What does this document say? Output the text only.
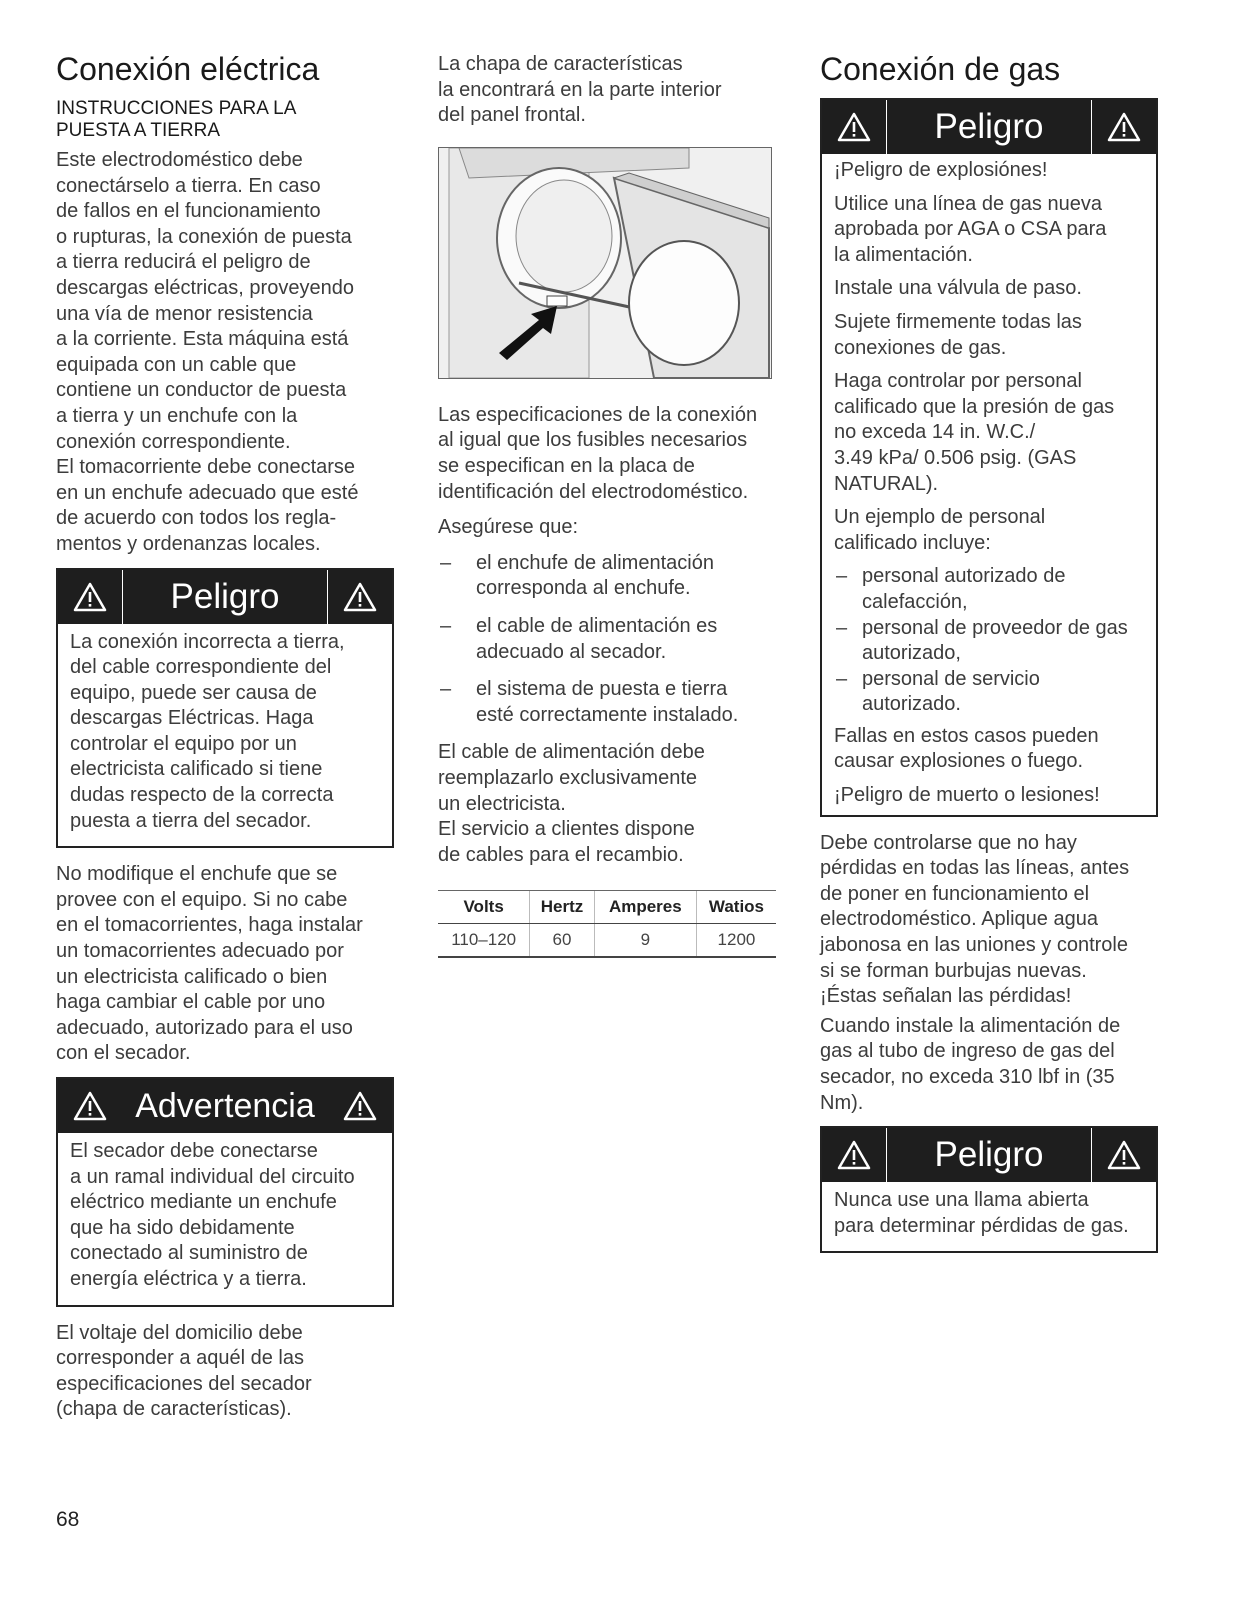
Conexión eléctrica
INSTRUCCIONES PARA LA
PUESTA A TIERRA

Este electrodoméstico debe
conectárselo a tierra. En caso
de fallos en el funcionamiento
o rupturas, la conexión de puesta
a tierra reducirá el peligro de
descargas eléctricas, proveyendo
una vía de menor resistencia
a la corriente. Esta máquina está
equipada con un cable que
contiene un conductor de puesta
a tierra y un enchufe con la
conexión correspondiente.
El tomacorriente debe conectarse
en un enchufe adecuado que esté
de acuerdo con todos los regla-
mentos y ordenanzas locales.

Peligro

La conexión incorrecta a tierra,
del cable correspondiente del
equipo, puede ser causa de
descargas Eléctricas. Haga
controlar el equipo por un
electricista calificado si tiene
dudas respecto de la correcta
puesta a tierra del secador.

No modifique el enchufe que se
provee con el equipo. Si no cabe
en el tomacorrientes, haga instalar
un tomacorrientes adecuado por
un electricista calificado o bien
haga cambiar el cable por uno
adecuado, autorizado para el uso
con el secador.

Advertencia

El secador debe conectarse
a un ramal individual del circuito
eléctrico mediante un enchufe
que ha sido debidamente
conectado al suministro de
energía eléctrica y a tierra.

El voltaje del domicilio debe
corresponder a aquél de las
especificaciones del secador
(chapa de características).

La chapa de características
la encontrará en la parte interior
del panel frontal.

Las especificaciones de la conexión
al igual que los fusibles necesarios
se especifican en la placa de
identificación del electrodoméstico.

Asegúrese que:

– el enchufe de alimentación
corresponda al enchufe.
– el cable de alimentación es
adecuado al secador.
– el sistema de puesta e tierra
esté correctamente instalado.

El cable de alimentación debe
reemplazarlo exclusivamente
un electricista.
El servicio a clientes dispone
de cables para el recambio.

Volts	Hertz	Amperes	Watios
110–120	60	9	1200
Conexión de gas
Peligro

¡Peligro de explosiónes!

Utilice una línea de gas nueva
aprobada por AGA o CSA para
la alimentación.

Instale una válvula de paso.

Sujete firmemente todas las
conexiones de gas.

Haga controlar por personal
calificado que la presión de gas
no exceda 14 in. W.C./
3.49 kPa/ 0.506 psig. (GAS
NATURAL).

Un ejemplo de personal
calificado incluye:

– personal autorizado de
calefacción,
– personal de proveedor de gas
autorizado,
– personal de servicio
autorizado.

Fallas en estos casos pueden
causar explosiones o fuego.

¡Peligro de muerto o lesiones!

Debe controlarse que no hay
pérdidas en todas las líneas, antes
de poner en funcionamiento el
electrodoméstico. Aplique agua
jabonosa en las uniones y controle
si se forman burbujas nuevas.
¡Éstas señalan las pérdidas!

Cuando instale la alimentación de
gas al tubo de ingreso de gas del
secador, no exceda 310 lbf in (35
Nm).

Peligro

Nunca use una llama abierta
para determinar pérdidas de gas.

68
